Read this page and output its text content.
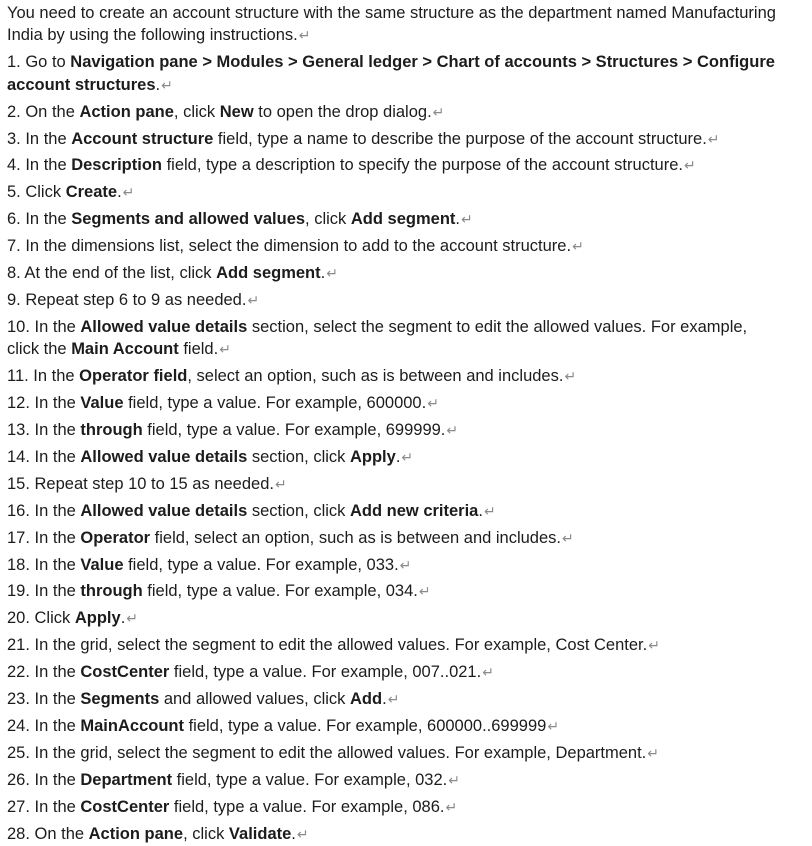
You need to create an account structure with the same structure as the department named Manufacturing
India by using the following instructions.↵

1. Go to Navigation pane > Modules > General ledger > Chart of accounts > Structures > Configure
account structures.↵

2. On the Action pane, click New to open the drop dialog.↵

3. In the Account structure field, type a name to describe the purpose of the account structure.↵

4. In the Description field, type a description to specify the purpose of the account structure.↵

5. Click Create.↵

6. In the Segments and allowed values, click Add segment.↵

7. In the dimensions list, select the dimension to add to the account structure.↵

8. At the end of the list, click Add segment.↵

9. Repeat step 6 to 9 as needed.↵

10. In the Allowed value details section, select the segment to edit the allowed values. For example,
click the Main Account field.↵

11. In the Operator field, select an option, such as is between and includes.↵

12. In the Value field, type a value. For example, 600000.↵

13. In the through field, type a value. For example, 699999.↵

14. In the Allowed value details section, click Apply.↵

15. Repeat step 10 to 15 as needed.↵

16. In the Allowed value details section, click Add new criteria.↵

17. In the Operator field, select an option, such as is between and includes.↵

18. In the Value field, type a value. For example, 033.↵

19. In the through field, type a value. For example, 034.↵

20. Click Apply.↵

21. In the grid, select the segment to edit the allowed values. For example, Cost Center.↵

22. In the CostCenter field, type a value. For example, 007..021.↵

23. In the Segments and allowed values, click Add.↵

24. In the MainAccount field, type a value. For example, 600000..699999↵

25. In the grid, select the segment to edit the allowed values. For example, Department.↵

26. In the Department field, type a value. For example, 032.↵

27. In the CostCenter field, type a value. For example, 086.↵

28. On the Action pane, click Validate.↵
